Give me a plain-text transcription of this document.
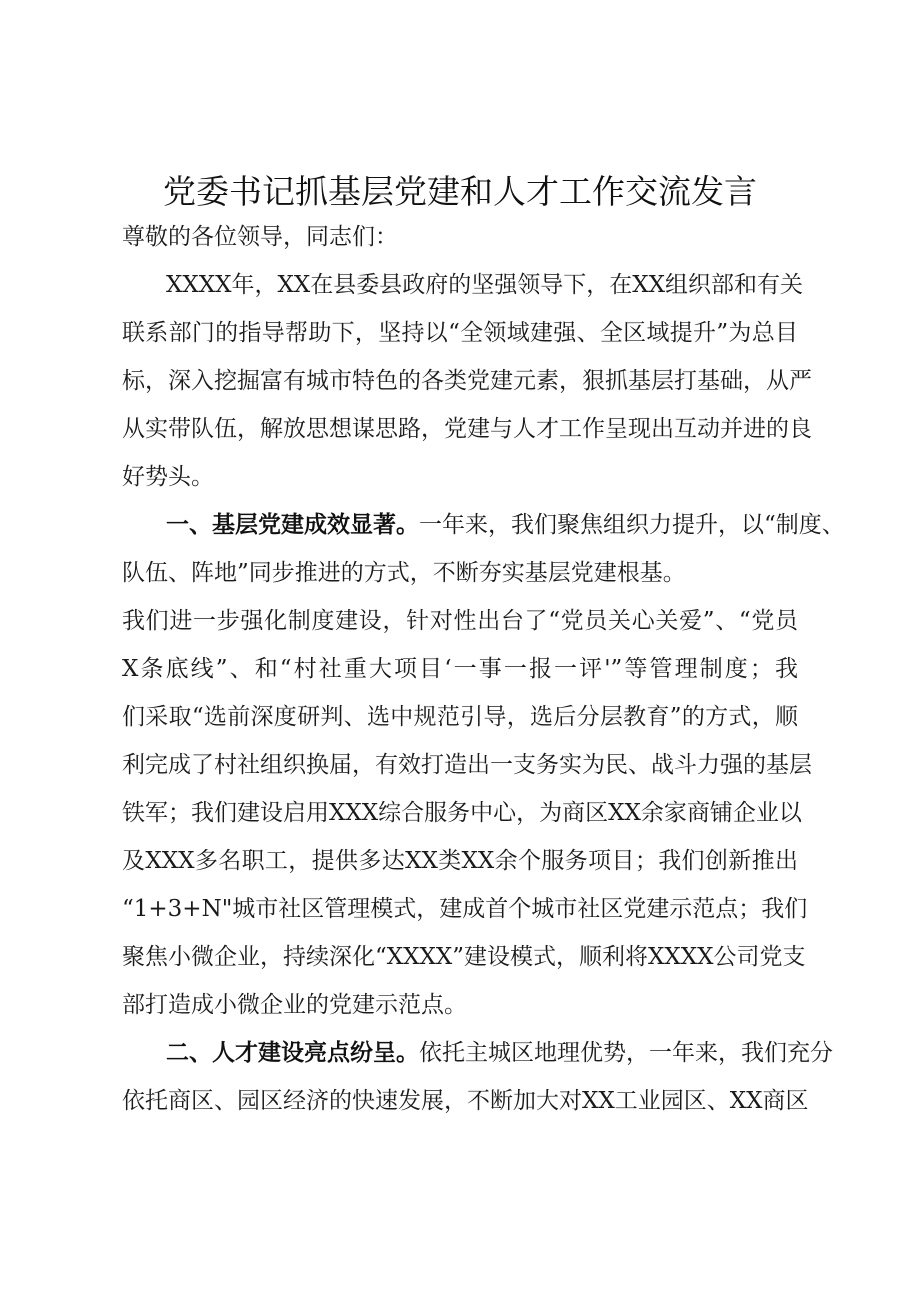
党委书记抓基层党建和人才工作交流发言
尊敬的各位领导，同志们：
XXXX年，XX在县委县政府的坚强领导下，在XX组织部和有关
联系部门的指导帮助下，坚持以“全领域建强、全区域提升”为总目
标，深入挖掘富有城市特色的各类党建元素，狠抓基层打基础，从严
从实带队伍，解放思想谋思路，党建与人才工作呈现出互动并进的良
好势头。
一、基层党建成效显著。一年来，我们聚焦组织力提升，以“制度、
队伍、阵地”同步推进的方式，不断夯实基层党建根基。
我们进一步强化制度建设，针对性出台了“党员关心关爱”、“党员
X条底线”、和“村社重大项目‘一事一报一评'”等管理制度；我
们采取“选前深度研判、选中规范引导，选后分层教育”的方式，顺
利完成了村社组织换届，有效打造出一支务实为民、战斗力强的基层
铁军；我们建设启用XXX综合服务中心，为商区XX余家商铺企业以
及XXX多名职工，提供多达XX类XX余个服务项目；我们创新推出
“1+3+N"城市社区管理模式，建成首个城市社区党建示范点；我们
聚焦小微企业，持续深化“XXXX”建设模式，顺利将XXXX公司党支
部打造成小微企业的党建示范点。
二、人才建设亮点纷呈。依托主城区地理优势，一年来，我们充分
依托商区、园区经济的快速发展，不断加大对XX工业园区、XX商区
